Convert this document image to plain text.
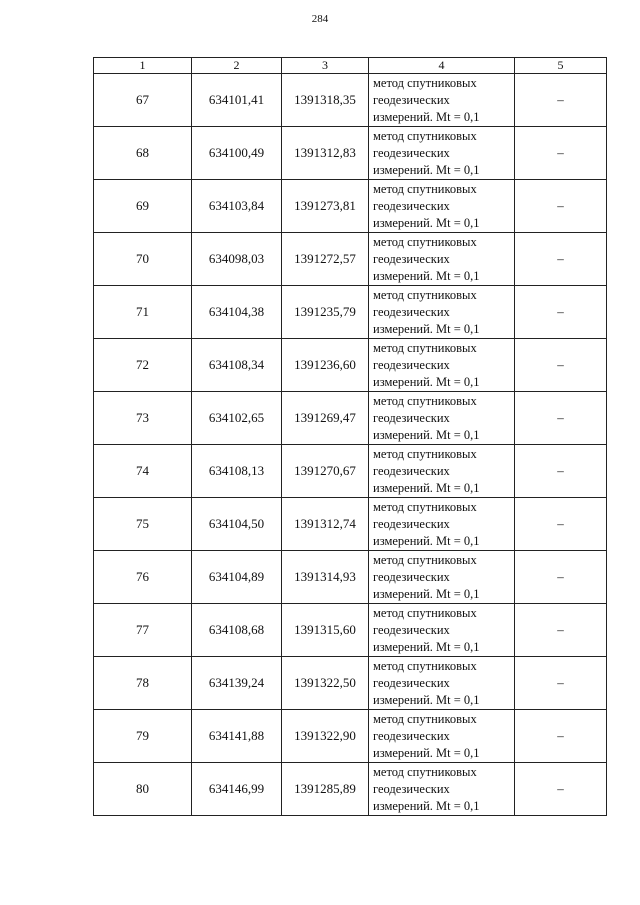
284
1	2	3	4	5
67	634101,41	1391318,35	метод спутниковых
геодезических
измерений. Mt = 0,1	–
68	634100,49	1391312,83	метод спутниковых
геодезических
измерений. Mt = 0,1	–
69	634103,84	1391273,81	метод спутниковых
геодезических
измерений. Mt = 0,1	–
70	634098,03	1391272,57	метод спутниковых
геодезических
измерений. Mt = 0,1	–
71	634104,38	1391235,79	метод спутниковых
геодезических
измерений. Mt = 0,1	–
72	634108,34	1391236,60	метод спутниковых
геодезических
измерений. Mt = 0,1	–
73	634102,65	1391269,47	метод спутниковых
геодезических
измерений. Mt = 0,1	–
74	634108,13	1391270,67	метод спутниковых
геодезических
измерений. Mt = 0,1	–
75	634104,50	1391312,74	метод спутниковых
геодезических
измерений. Mt = 0,1	–
76	634104,89	1391314,93	метод спутниковых
геодезических
измерений. Mt = 0,1	–
77	634108,68	1391315,60	метод спутниковых
геодезических
измерений. Mt = 0,1	–
78	634139,24	1391322,50	метод спутниковых
геодезических
измерений. Mt = 0,1	–
79	634141,88	1391322,90	метод спутниковых
геодезических
измерений. Mt = 0,1	–
80	634146,99	1391285,89	метод спутниковых
геодезических
измерений. Mt = 0,1	–
